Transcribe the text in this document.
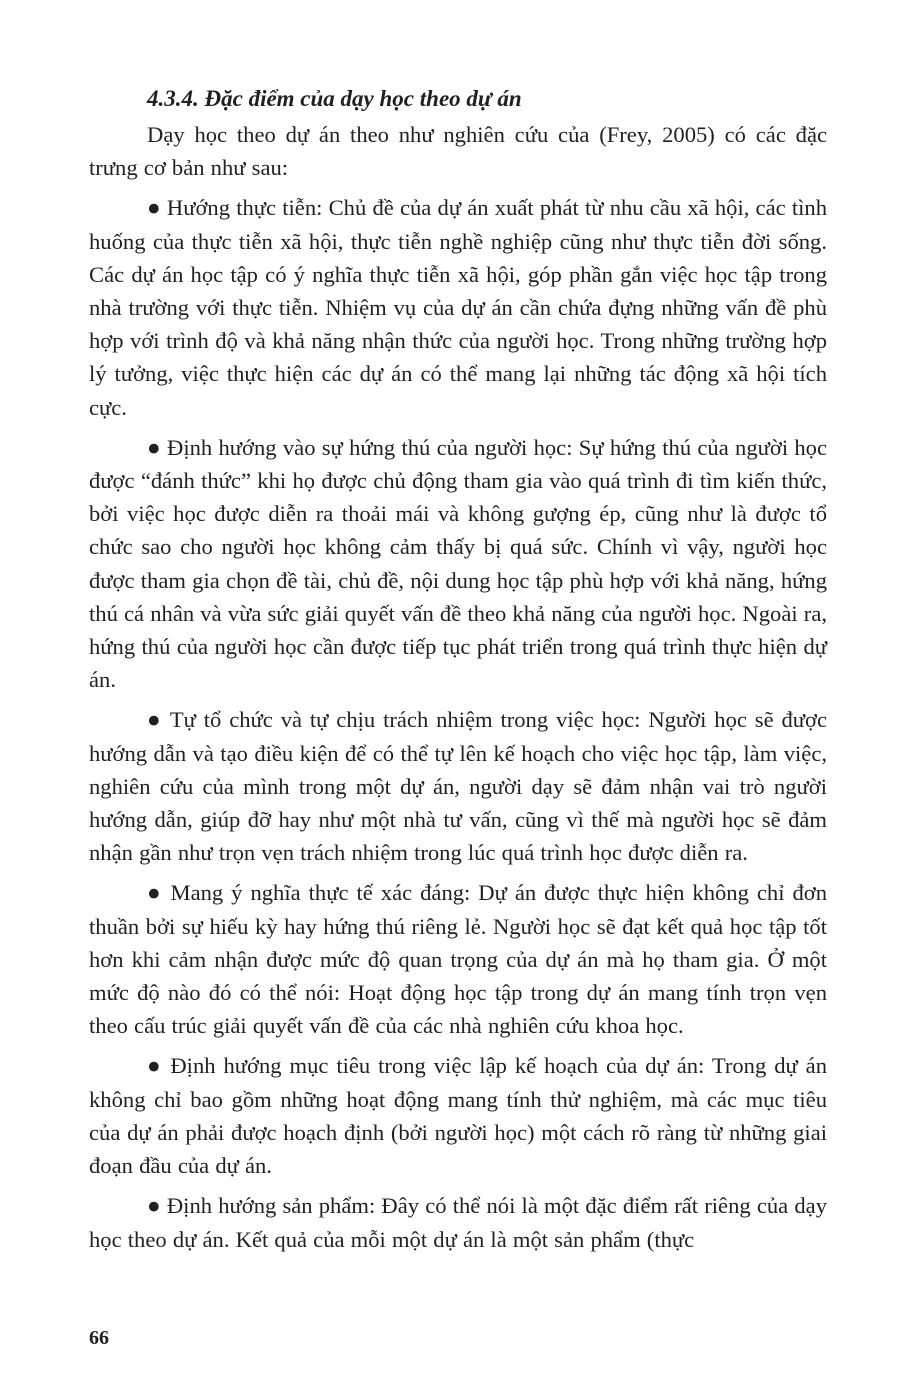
4.3.4. Đặc điểm của dạy học theo dự án

Dạy học theo dự án theo như nghiên cứu của (Frey, 2005) có các đặc trưng cơ bản như sau:

● Hướng thực tiễn: Chủ đề của dự án xuất phát từ nhu cầu xã hội, các tình huống của thực tiễn xã hội, thực tiễn nghề nghiệp cũng như thực tiễn đời sống. Các dự án học tập có ý nghĩa thực tiễn xã hội, góp phần gắn việc học tập trong nhà trường với thực tiễn. Nhiệm vụ của dự án cần chứa đựng những vấn đề phù hợp với trình độ và khả năng nhận thức của người học. Trong những trường hợp lý tưởng, việc thực hiện các dự án có thể mang lại những tác động xã hội tích cực.

● Định hướng vào sự hứng thú của người học: Sự hứng thú của người học được “đánh thức” khi họ được chủ động tham gia vào quá trình đi tìm kiến thức, bởi việc học được diễn ra thoải mái và không gượng ép, cũng như là được tổ chức sao cho người học không cảm thấy bị quá sức. Chính vì vậy, người học được tham gia chọn đề tài, chủ đề, nội dung học tập phù hợp với khả năng, hứng thú cá nhân và vừa sức giải quyết vấn đề theo khả năng của người học. Ngoài ra, hứng thú của người học cần được tiếp tục phát triển trong quá trình thực hiện dự án.

● Tự tổ chức và tự chịu trách nhiệm trong việc học: Người học sẽ được hướng dẫn và tạo điều kiện để có thể tự lên kế hoạch cho việc học tập, làm việc, nghiên cứu của mình trong một dự án, người dạy sẽ đảm nhận vai trò người hướng dẫn, giúp đỡ hay như một nhà tư vấn, cũng vì thế mà người học sẽ đảm nhận gần như trọn vẹn trách nhiệm trong lúc quá trình học được diễn ra.

● Mang ý nghĩa thực tế xác đáng: Dự án được thực hiện không chỉ đơn thuần bởi sự hiếu kỳ hay hứng thú riêng lẻ. Người học sẽ đạt kết quả học tập tốt hơn khi cảm nhận được mức độ quan trọng của dự án mà họ tham gia. Ở một mức độ nào đó có thể nói: Hoạt động học tập trong dự án mang tính trọn vẹn theo cấu trúc giải quyết vấn đề của các nhà nghiên cứu khoa học.

● Định hướng mục tiêu trong việc lập kế hoạch của dự án: Trong dự án không chỉ bao gồm những hoạt động mang tính thử nghiệm, mà các mục tiêu của dự án phải được hoạch định (bởi người học) một cách rõ ràng từ những giai đoạn đầu của dự án.

● Định hướng sản phẩm: Đây có thể nói là một đặc điểm rất riêng của dạy học theo dự án. Kết quả của mỗi một dự án là một sản phẩm (thực

66
